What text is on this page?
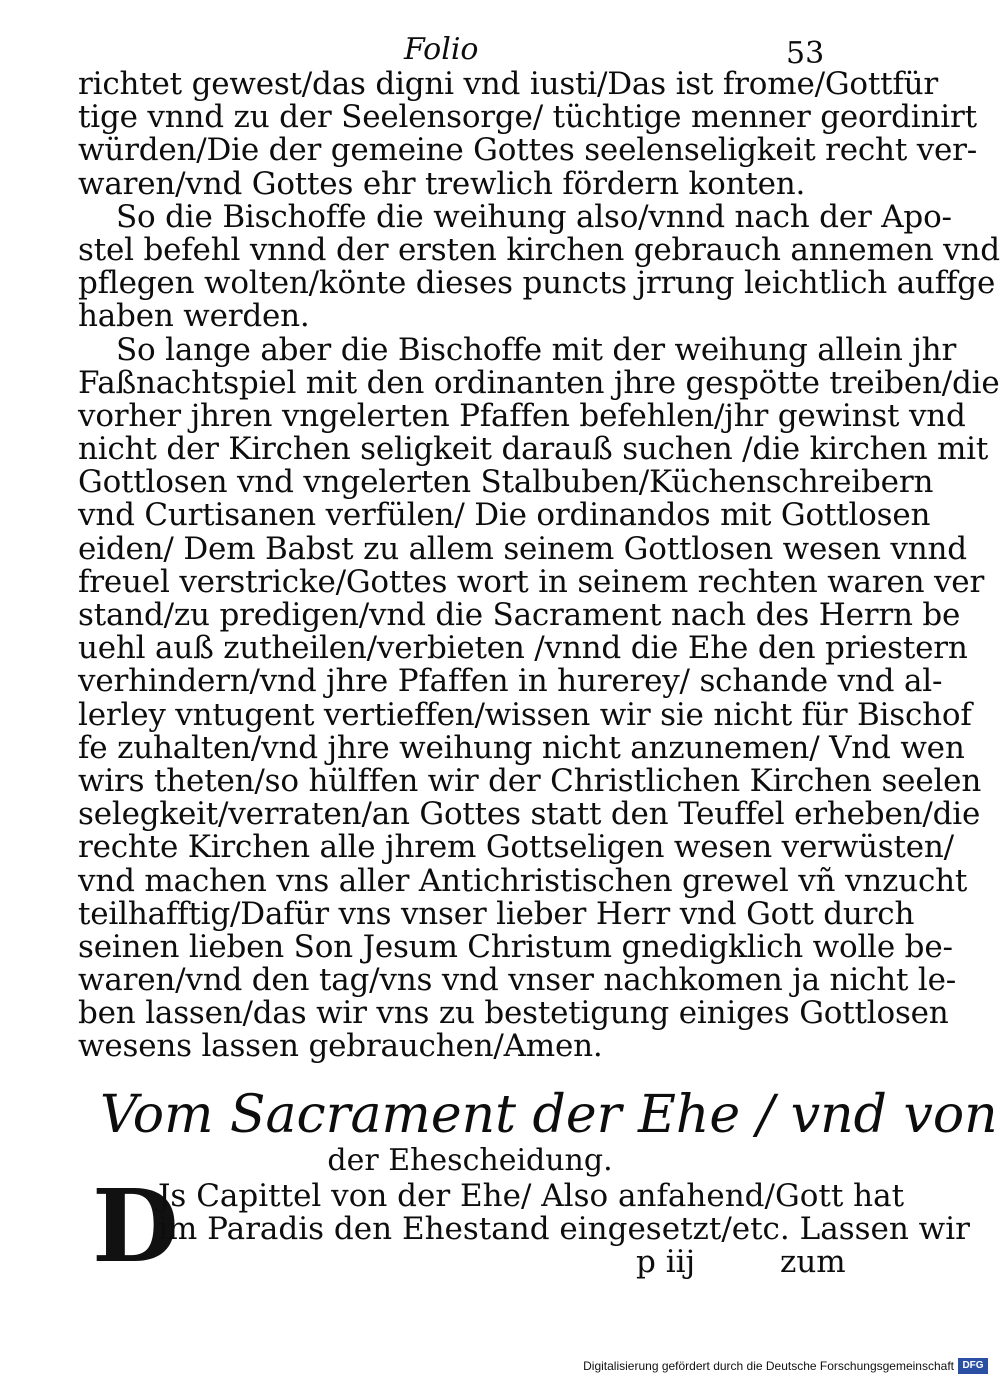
Folio	53
richtet gewest/das digni vnd iusti/Das ist frome/Gottfür
tige vnnd zu der Seelensorge/ tüchtige menner geordinirt
würden/Die der gemeine Gottes seelenseligkeit recht ver-
waren/vnd Gottes ehr trewlich fördern konten.
So die Bischoffe die weihung also/vnnd nach der Apo-
stel befehl vnnd der ersten kirchen gebrauch annemen vnd
pflegen wolten/könte dieses puncts jrrung leichtlich auffge
haben werden.
So lange aber die Bischoffe mit der weihung allein jhr
Faßnachtspiel mit den ordinanten jhre gespötte treiben/die
vorher jhren vngelerten Pfaffen befehlen/jhr gewinst vnd
nicht der Kirchen seligkeit darauß suchen /die kirchen mit
Gottlosen vnd vngelerten Stalbuben/Küchenschreibern
vnd Curtisanen verfülen/ Die ordinandos mit Gottlosen
eiden/ Dem Babst zu allem seinem Gottlosen wesen vnnd
freuel verstricke/Gottes wort in seinem rechten waren ver
stand/zu predigen/vnd die Sacrament nach des Herrn be
uehl auß zutheilen/verbieten /vnnd die Ehe den priestern
verhindern/vnd jhre Pfaffen in hurerey/ schande vnd al-
lerley vntugent vertieffen/wissen wir sie nicht für Bischof
fe zuhalten/vnd jhre weihung nicht anzunemen/ Vnd wen
wirs theten/so hülffen wir der Christlichen Kirchen seelen
selegkeit/verraten/an Gottes statt den Teuffel erheben/die
rechte Kirchen alle jhrem Gottseligen wesen verwüsten/
vnd machen vns aller Antichristischen grewel vñ vnzucht
teilhafftig/Dafür vns vnser lieber Herr vnd Gott durch
seinen lieben Son Jesum Christum gnedigklich wolle be-
waren/vnd den tag/vns vnd vnser nachkomen ja nicht le-
ben lassen/das wir vns zu bestetigung einiges Gottlosen
wesens lassen gebrauchen/Amen.
Vom Sacrament der Ehe / vnd von
der Ehescheidung.
D
Js Capittel von der Ehe/ Also anfahend/Gott hat
im Paradis den Ehestand eingesetzt/etc. Lassen wir
p iij	zum
Digitalisierung gefördert durch die Deutsche Forschungsgemeinschaft DFG
